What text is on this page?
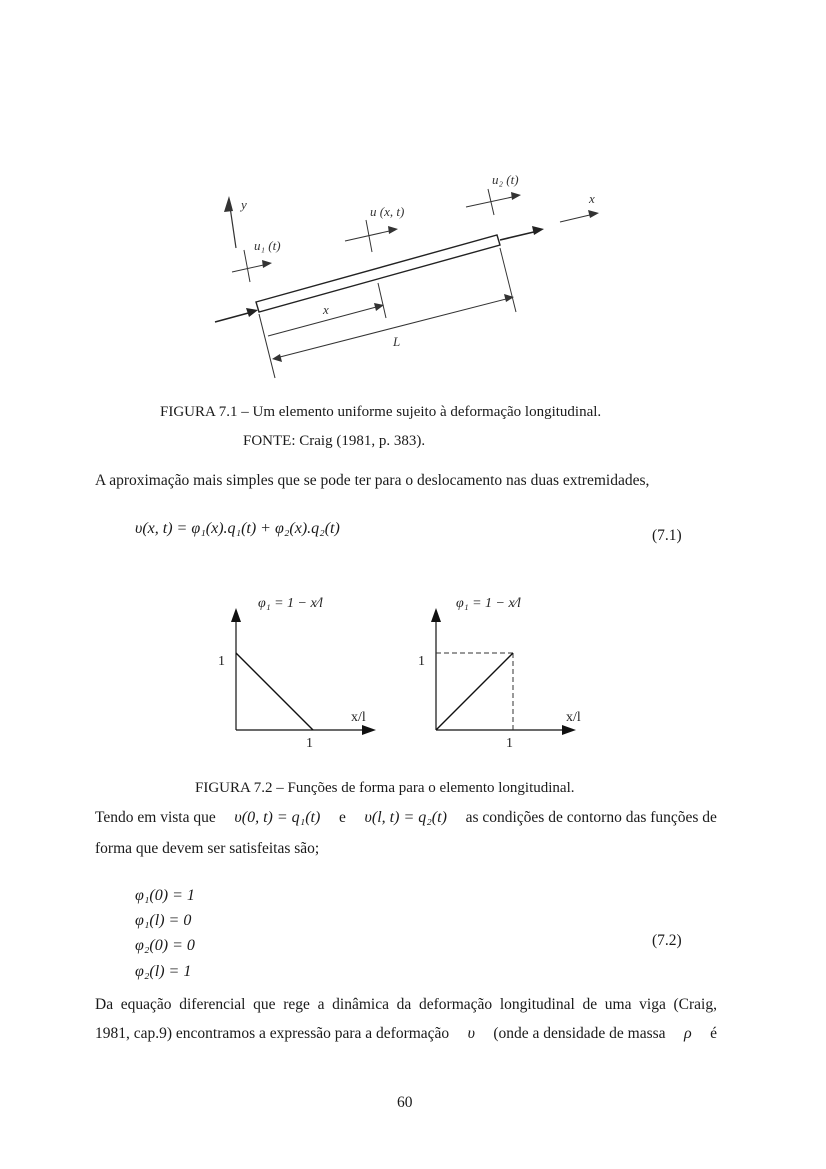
y
u₁ (t)
u (x, t)
u₂ (t)
x
x
L
FIGURA 7.1 – Um elemento uniforme sujeito à deformação longitudinal.
FONTE: Craig (1981, p. 383).
A aproximação mais simples que se pode ter para o deslocamento nas duas extremidades,
υ(x, t) = φ₁(x).q₁(t) + φ₂(x).q₂(t)	(7.1)
φ₁ = 1 − x⁄l
1
1
x/l
φ₁ = 1 − x⁄l
1
1
x/l
FIGURA 7.2 – Funções de forma para o elemento longitudinal.
Tendo em vista que υ(0, t) = q₁(t) e υ(l, t) = q₂(t) as condições de contorno das funções de
forma que devem ser satisfeitas são;
φ₁(0) = 1
φ₁(l) = 0
φ₂(0) = 0
φ₂(l) = 1
(7.2)
Da equação diferencial que rege a dinâmica da deformação longitudinal de uma viga (Craig,
1981, cap.9) encontramos a expressão para a deformação υ (onde a densidade de massa ρ é
60
